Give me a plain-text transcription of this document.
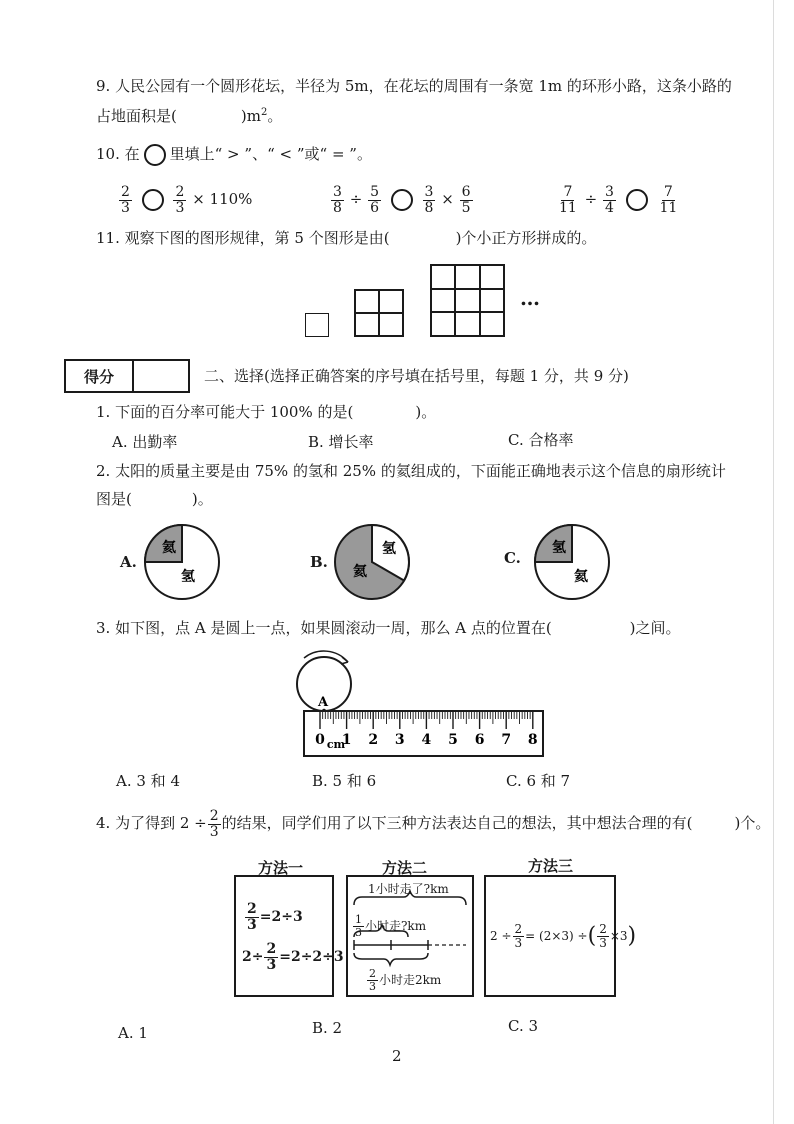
9. 人民公园有一个圆形花坛，半径为 5m，在花坛的周围有一条宽 1m 的环形小路，这条小路的
占地面积是(	)$m^2$。
10. 在 里填上“ > ”、“ < ”或“ = ”。
$\frac{2}{3}$
	$\frac{2}{3} \times 110\%$	$\frac{3}{8} \div \frac{5}{6}$
	$\frac{3}{8} \times \frac{6}{5}$	$\frac{7}{11} \div \frac{3}{4}$
	$\frac{7}{11}$
11. 观察下图的图形规律，第 5 个图形是由(	)个小正方形拼成的。
…
得分	二、选择(选择正确答案的序号填在括号里，每题 1 分，共 9 分)
1. 下面的百分率可能大于 100% 的是(	)。
A. 出勤率	B. 增长率	C. 合格率
2. 太阳的质量主要是由 75% 的氢和 25% 的氦组成的，下面能正确地表示这个信息的扇形统计
图是(	)。
A.
氦
氢
B.
氢
氦
C.
氢
氦
3. 如下图，点 A 是圆上一点，如果圆滚动一周，那么 A 点的位置在(	)之间。
A
0 cm
1 2 3 4 5 6 7 8
A. 3 和 4	B. 5 和 6	C. 6 和 7
4. 为了得到 $2 \div \frac{2}{3}$ 的结果，同学们用了以下三种方法表达自己的想法，其中想法合理的有(	)个。
方法一	方法二	方法三
$\frac{2}{3} =2\div 3$
$2\div \frac{2}{3} =2\div 2\div 3$
1小时走了?km
$\frac{1}{3}$ 小时走?km
$\frac{2}{3}$ 小时走2km
$2 \div \frac{2}{3} = (2\times 3)$ ÷( $\frac{2}{3} \times 3$)
A. 1	B. 2	C. 3
2
